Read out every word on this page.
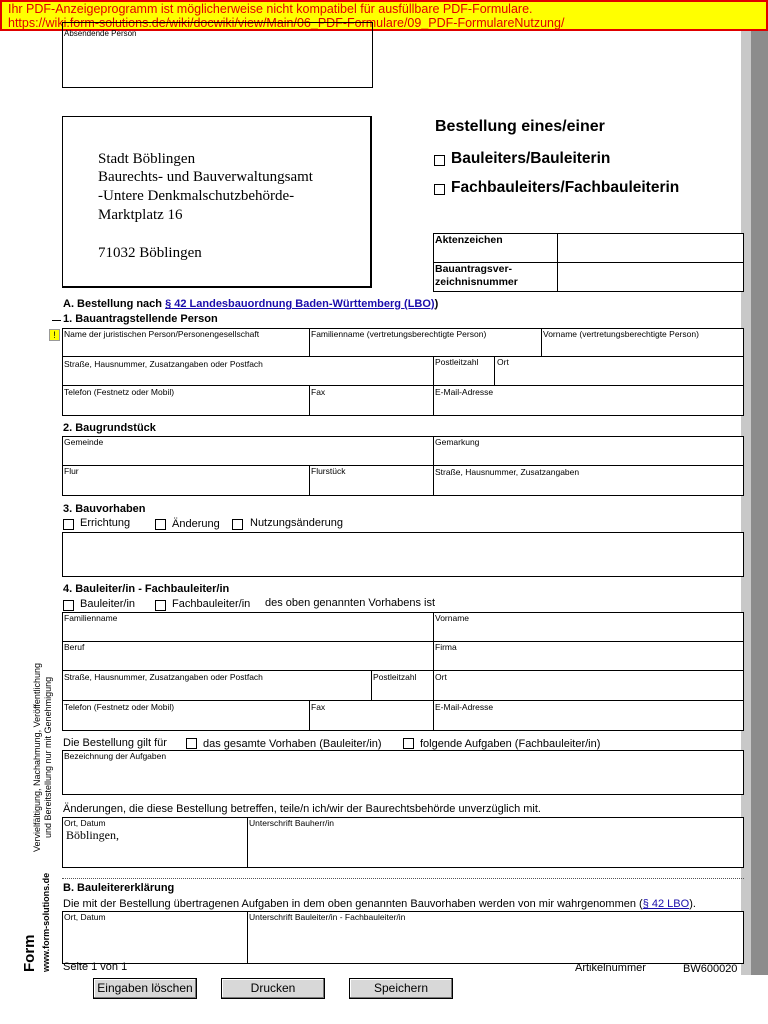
Ihr PDF-Anzeigeprogramm ist möglicherweise nicht kompatibel für ausfüllbare PDF-Formulare.
https://wiki.form-solutions.de/wiki/docwiki/view/Main/06_PDF-Formulare/09_PDF-FormulareNutzung/
Absendende Person
Stadt Böblingen
Baurechts- und Bauverwaltungsamt
-Untere Denkmalschutzbehörde-
Marktplatz 16
71032 Böblingen
Bestellung eines/einer
Bauleiters/Bauleiterin
Fachbauleiters/Fachbauleiterin
Aktenzeichen
Bauantragsver-
zeichnisnummer
A. Bestellung nach § 42 Landesbauordnung Baden-Württemberg (LBO))
1. Bauantragstellende Person
! Name der juristischen Person/Personengesellschaft	Familienname (vertretungsberechtigte Person)	Vorname (vertretungsberechtigte Person)
Straße, Hausnummer, Zusatzangaben oder Postfach	Postleitzahl Ort
Telefon (Festnetz oder Mobil)	Fax	E-Mail-Adresse
2. Baugrundstück
Gemeinde	Gemarkung
Flur	Flurstück	Straße, Hausnummer, Zusatzangaben
3. Bauvorhaben
Errichtung	Änderung	Nutzungsänderung
4. Bauleiter/in - Fachbauleiter/in
Bauleiter/in	Fachbauleiter/in des oben genannten Vorhabens ist
Familienname	Vorname
Beruf	Firma
Straße, Hausnummer, Zusatzangaben oder Postfach	Postleitzahl Ort
Telefon (Festnetz oder Mobil)	Fax	E-Mail-Adresse
Die Bestellung gilt für	das gesamte Vorhaben (Bauleiter/in)	folgende Aufgaben (Fachbauleiter/in)
Bezeichnung der Aufgaben
Änderungen, die diese Bestellung betreffen, teile/n ich/wir der Baurechtsbehörde unverzüglich mit.
Ort, Datum
Böblingen,
Unterschrift Bauherr/in
B. Bauleitererklärung
Die mit der Bestellung übertragenen Aufgaben in dem oben genannten Bauvorhaben werden von mir wahrgenommen (§ 42 LBO).
Ort, Datum	Unterschrift Bauleiter/in - Fachbauleiter/in
Seite 1 von 1	Artikelnummer	BW600020
Vervielfältigung, Nachahmung, Veröffentlichung und Bereitstellung nur mit Genehmigung
www.form-solutions.de
Form
Eingaben löschen	Drucken	Speichern
